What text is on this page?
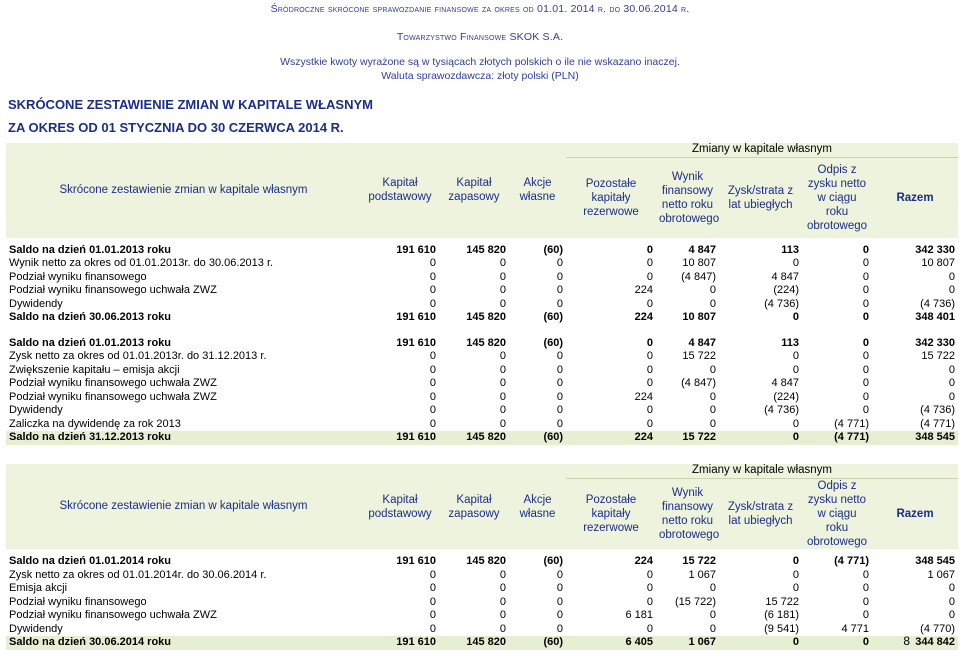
Śródroczne skrócone sprawozdanie finansowe za okres od 01.01. 2014 r. do 30.06.2014 r.
Towarzystwo Finansowe SKOK S.A.
Wszystkie kwoty wyrażone są w tysiącach złotych polskich o ile nie wskazano inaczej.
Waluta sprawozdawcza: złoty polski (PLN)
SKRÓCONE ZESTAWIENIE ZMIAN W KAPITALE WŁASNYM
ZA OKRES OD 01 STYCZNIA DO 30 CZERWCA 2014 R.
Skrócone zestawienie zmian w kapitale własnym	Kapitał podstawowy	Kapitał zapasowy	Akcje własne	Zmiany w kapitale własnym				
				Pozostałe kapitały rezerwowe	Wynik finansowy netto roku obrotowego	Zysk/strata z lat ubiegłych	Odpis z zysku netto w ciągu roku obrotowego	Razem

Saldo na dzień 01.01.2013 roku	191 610	145 820	(60)	0	4 847	113	0	342 330
Wynik netto za okres od 01.01.2013r. do 30.06.2013 r.	0	0	0	0	10 807	0	0	10 807
Podział wyniku finansowego	0	0	0	0	(4 847)	4 847	0	0
Podział wyniku finansowego uchwała ZWZ	0	0	0	224	0	(224)	0	0
Dywidendy	0	0	0	0	0	(4 736)	0	(4 736)
Saldo na dzień 30.06.2013 roku	191 610	145 820	(60)	224	10 807	0	0	348 401

Saldo na dzień 01.01.2013 roku	191 610	145 820	(60)	0	4 847	113	0	342 330
Zysk netto za okres od 01.01.2013r. do 31.12.2013 r.	0	0	0	0	15 722	0	0	15 722
Zwiększenie kapitału – emisja akcji	0	0	0	0	0	0	0	0
Podział wyniku finansowego uchwała ZWZ	0	0	0	0	(4 847)	4 847	0	0
Podział wyniku finansowego uchwała ZWZ	0	0	0	224	0	(224)	0	0
Dywidendy	0	0	0	0	0	(4 736)	0	(4 736)
Zaliczka na dywidendę za rok 2013	0	0	0	0	0	0	(4 771)	(4 771)
Saldo na dzień 31.12.2013 roku	191 610	145 820	(60)	224	15 722	0	(4 771)	348 545
Skrócone zestawienie zmian w kapitale własnym	Kapitał podstawowy	Kapitał zapasowy	Akcje własne	Zmiany w kapitale własnym				
				Pozostałe kapitały rezerwowe	Wynik finansowy netto roku obrotowego	Zysk/strata z lat ubiegłych	Odpis z zysku netto w ciągu roku obrotowego	Razem

Saldo na dzień 01.01.2014 roku	191 610	145 820	(60)	224	15 722	0	(4 771)	348 545
Zysk netto za okres od 01.01.2014r. do 30.06.2014 r.	0	0	0	0	1 067	0	0	1 067
Emisja akcji	0	0	0	0	0	0	0	0
Podział wyniku finansowego	0	0	0	0	(15 722)	15 722	0	0
Podział wyniku finansowego uchwała ZWZ	0	0	0	6 181	0	(6 181)	0	0
Dywidendy	0	0	0	0	0	(9 541)	4 771	(4 770)
Saldo na dzień 30.06.2014 roku	191 610	145 820	(60)	6 405	1 067	0	0	344 842
8
